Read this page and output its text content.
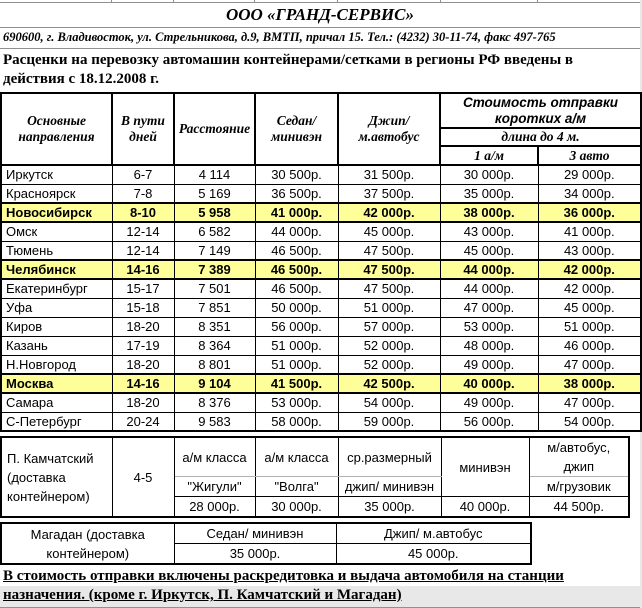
ООО «ГРАНД-СЕРВИС»
690600, г. Владивосток, ул. Стрельникова, д.9, ВМТП, причал 15. Тел.: (4232) 30-11-74, факс 497-765
Расценки на перевозку автомашин контейнерами/сетками в регионы РФ введены в действия с 18.12.2008 г.
Основные направления	В пути дней	Расстояние	Седан/ минивэн	Джип/ м.автобус	Стоимость отправки коротких а/м	
					длина до 4 м.	
					1 а/м	3 авто
Иркутск	6-7	4 114	30 500р.	31 500р.	30 000р.	29 000р.
Красноярск	7-8	5 169	36 500р.	37 500р.	35 000р.	34 000р.
Новосибирск	8-10	5 958	41 000р.	42 000р.	38 000р.	36 000р.
Омск	12-14	6 582	44 000р.	45 000р.	43 000р.	41 000р.
Тюмень	12-14	7 149	46 500р.	47 500р.	45 000р.	43 000р.
Челябинск	14-16	7 389	46 500р.	47 500р.	44 000р.	42 000р.
Екатеринбург	15-17	7 501	46 500р.	47 500р.	44 000р.	42 000р.
Уфа	15-18	7 851	50 000р.	51 000р.	47 000р.	45 000р.
Киров	18-20	8 351	56 000р.	57 000р.	53 000р.	51 000р.
Казань	17-19	8 364	51 000р.	52 000р.	48 000р.	46 000р.
Н.Новгород	18-20	8 801	51 000р.	52 000р.	49 000р.	47 000р.
Москва	14-16	9 104	41 500р.	42 500р.	40 000р.	38 000р.
Самара	18-20	8 376	53 000р.	54 000р.	49 000р.	47 000р.
С-Петербург	20-24	9 583	58 000р.	59 000р.	56 000р.	54 000р.
П. Камчатский (доставка контейнером)	4-5	а/м класса	а/м класса	ср.размерный	минивэн	м/автобус, джип
		"Жигули"	"Волга"	джип/ минивэн		м/грузовик
		28 000р.	30 000р.	35 000р.	40 000р.	44 500р.
Магадан (доставка контейнером)	Седан/ минивэн	Джип/ м.автобус
	35 000р.	45 000р.
В стоимость отправки включены раскредитовка и выдача автомобиля на станции
назначения. (кроме г. Иркутск, П. Камчатский и Магадан)
